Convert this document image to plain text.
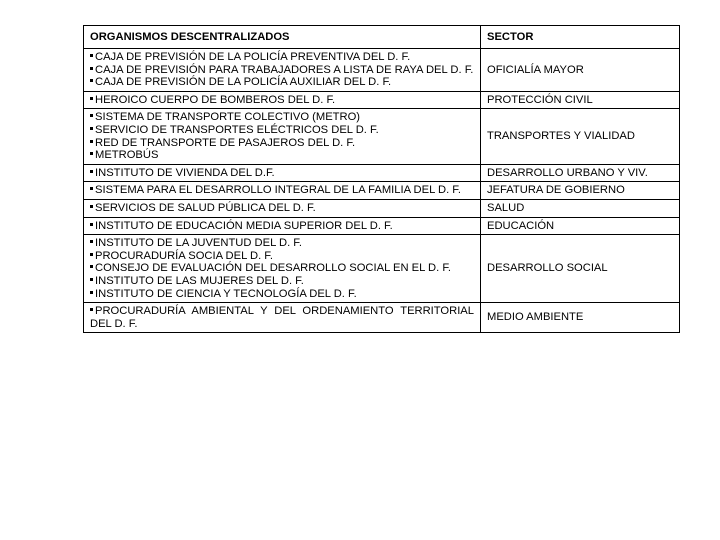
ORGANISMOS DESCENTRALIZADOS	SECTOR

CAJA DE PREVISIÓN DE LA POLICÍA PREVENTIVA DEL D. F.
CAJA DE PREVISIÓN PARA TRABAJADORES A LISTA DE RAYA DEL D. F.
CAJA DE PREVISIÓN DE LA POLICÍA AUXILIAR DEL D. F.	OFICIALÍA MAYOR

HEROICO CUERPO DE BOMBEROS DEL D. F.	PROTECCIÓN CIVIL

SISTEMA DE TRANSPORTE COLECTIVO (METRO)
SERVICIO DE TRANSPORTES ELÉCTRICOS DEL D. F.
RED DE TRANSPORTE DE PASAJEROS DEL D. F.
METROBÚS	TRANSPORTES Y VIALIDAD

INSTITUTO DE VIVIENDA DEL D.F.	DESARROLLO URBANO Y VIV.

SISTEMA PARA EL DESARROLLO INTEGRAL DE LA FAMILIA DEL D. F.	JEFATURA DE GOBIERNO

SERVICIOS DE SALUD PÚBLICA DEL D. F.	SALUD

INSTITUTO DE EDUCACIÓN MEDIA SUPERIOR DEL D. F.	EDUCACIÓN

INSTITUTO DE LA JUVENTUD DEL D. F.
PROCURADURÍA SOCIA DEL D. F.
CONSEJO DE EVALUACIÓN DEL DESARROLLO SOCIAL EN EL D. F.
INSTITUTO DE LAS MUJERES DEL D. F.
INSTITUTO DE CIENCIA Y TECNOLOGÍA DEL D. F.	DESARROLLO SOCIAL

PROCURADURÍA AMBIENTAL Y DEL ORDENAMIENTO TERRITORIAL DEL D. F.	MEDIO AMBIENTE
